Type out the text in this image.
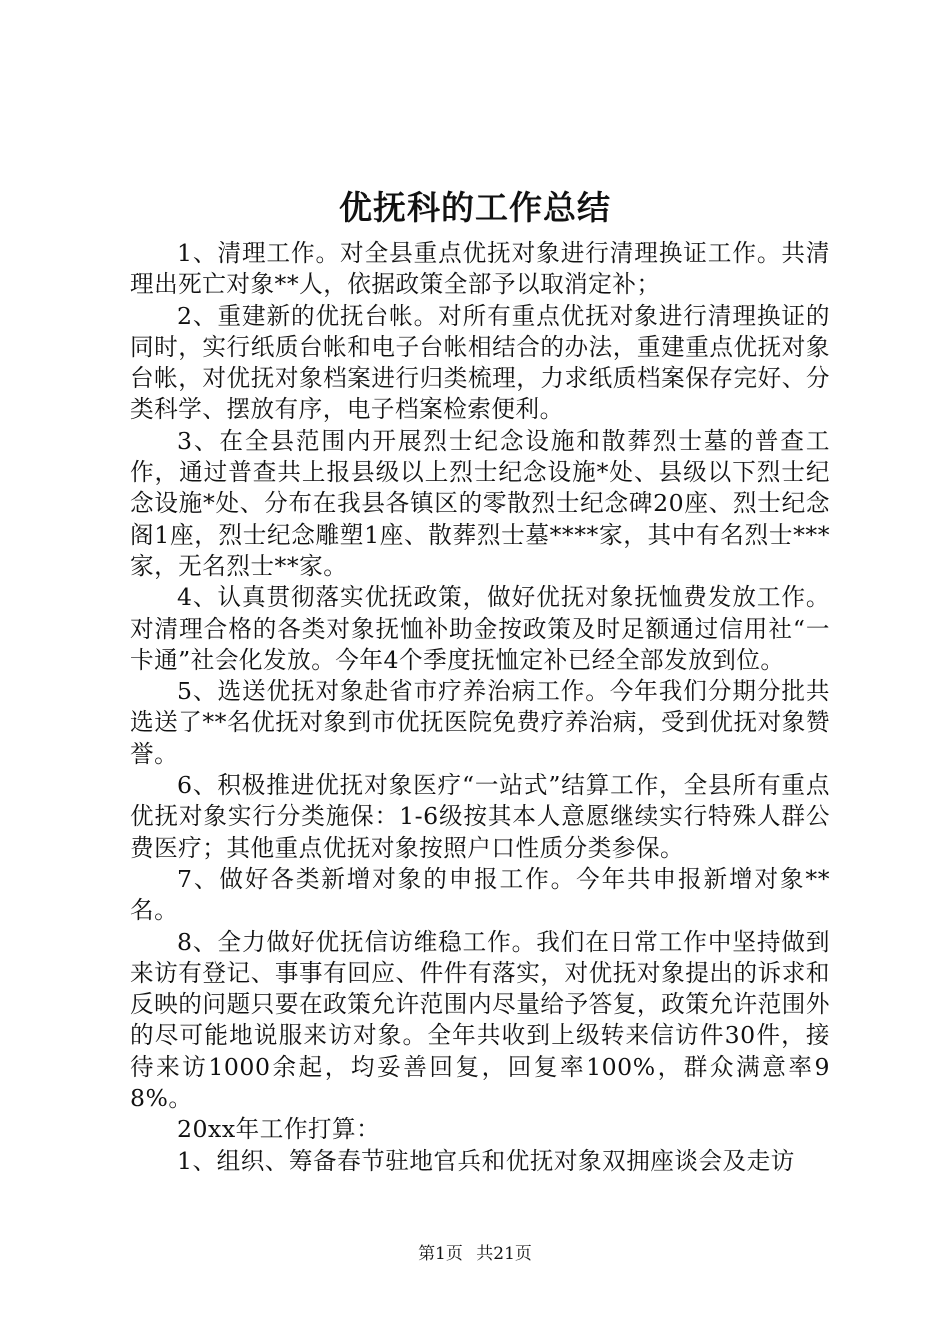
优抚科的工作总结

1、清理工作。对全县重点优抚对象进行清理换证工作。共清理出死亡对象**人，依据政策全部予以取消定补；

2、重建新的优抚台帐。对所有重点优抚对象进行清理换证的同时，实行纸质台帐和电子台帐相结合的办法，重建重点优抚对象台帐，对优抚对象档案进行归类梳理，力求纸质档案保存完好、分类科学、摆放有序，电子档案检索便利。

3、在全县范围内开展烈士纪念设施和散葬烈士墓的普查工作，通过普查共上报县级以上烈士纪念设施*处、县级以下烈士纪念设施*处、分布在我县各镇区的零散烈士纪念碑20座、烈士纪念阁1座，烈士纪念雕塑1座、散葬烈士墓****家，其中有名烈士***家，无名烈士**家。

4、认真贯彻落实优抚政策，做好优抚对象抚恤费发放工作。对清理合格的各类对象抚恤补助金按政策及时足额通过信用社“一卡通”社会化发放。今年4个季度抚恤定补已经全部发放到位。

5、选送优抚对象赴省市疗养治病工作。今年我们分期分批共选送了**名优抚对象到市优抚医院免费疗养治病，受到优抚对象赞誉。

6、积极推进优抚对象医疗“一站式”结算工作，全县所有重点优抚对象实行分类施保：1-6级按其本人意愿继续实行特殊人群公费医疗；其他重点优抚对象按照户口性质分类参保。

7、做好各类新增对象的申报工作。今年共申报新增对象**名。

8、全力做好优抚信访维稳工作。我们在日常工作中坚持做到来访有登记、事事有回应、件件有落实，对优抚对象提出的诉求和反映的问题只要在政策允许范围内尽量给予答复，政策允许范围外的尽可能地说服来访对象。全年共收到上级转来信访件30件，接待来访1000余起，均妥善回复，回复率100%，群众满意率98%。

20xx年工作打算：

1、组织、筹备春节驻地官兵和优抚对象双拥座谈会及走访

第1页 共21页
